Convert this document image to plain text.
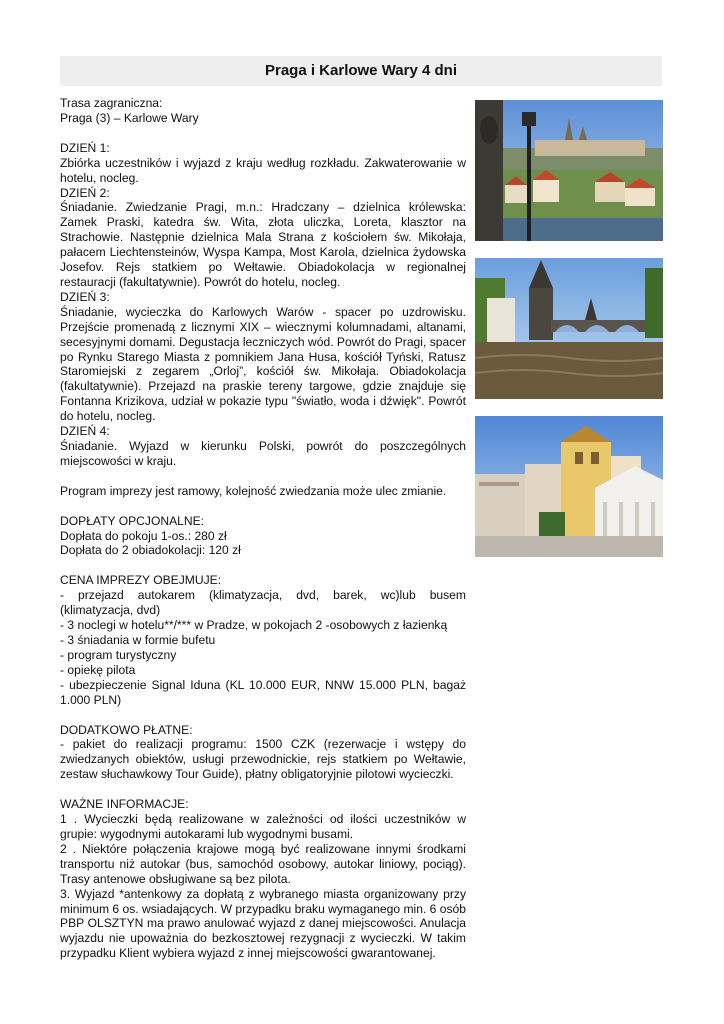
Praga i Karlowe Wary 4 dni

Trasa zagraniczna:

Praga (3) – Karlowe Wary

DZIEŃ 1:

Zbiórka uczestników i wyjazd z kraju według rozkładu. Zakwaterowanie w hotelu, nocleg.

DZIEŃ 2:

Śniadanie. Zwiedzanie Pragi, m.n.: Hradczany – dzielnica królewska: Zamek Praski, katedra św. Wita, złota uliczka, Loreta, klasztor na Strachowie. Następnie dzielnica Mala Strana z kościołem św. Mikołaja, pałacem Liechtensteinów, Wyspa Kampa, Most Karola, dzielnica żydowska Josefov. Rejs statkiem po Wełtawie. Obiadokolacja w regionalnej restauracji (fakultatywnie). Powrót do hotelu, nocleg.

DZIEŃ 3:

Śniadanie, wycieczka do Karlowych Warów - spacer po uzdrowisku. Przejście promenadą z licznymi XIX – wiecznymi kolumnadami, altanami, secesyjnymi domami. Degustacja leczniczych wód. Powrót do Pragi, spacer po Rynku Starego Miasta z pomnikiem Jana Husa, kościół Tyński, Ratusz Staromiejski z zegarem „Orloj”, kościół św. Mikołaja. Obiadokolacja (fakultatywnie). Przejazd na praskie tereny targowe, gdzie znajduje się Fontanna Krizikova, udział w pokazie typu "światło, woda i dźwięk". Powrót do hotelu, nocleg.

DZIEŃ 4:

Śniadanie. Wyjazd w kierunku Polski, powrót do poszczególnych miejscowości w kraju.

Program imprezy jest ramowy, kolejność zwiedzania może ulec zmianie.

DOPŁATY OPCJONALNE:

Dopłata do pokoju 1-os.: 280 zł

Dopłata do 2 obiadokolacji: 120 zł

CENA IMPREZY OBEJMUJE:

- przejazd autokarem (klimatyzacja, dvd, barek, wc)lub busem (klimatyzacja, dvd)

- 3 noclegi w hotelu**/*** w Pradze, w pokojach 2 -osobowych z łazienką

- 3 śniadania w formie bufetu

- program turystyczny

- opiekę pilota

- ubezpieczenie Signal Iduna (KL 10.000 EUR, NNW 15.000 PLN, bagaż 1.000 PLN)

DODATKOWO PŁATNE:

- pakiet do realizacji programu: 1500 CZK (rezerwacje i wstępy do zwiedzanych obiektów, usługi przewodnickie, rejs statkiem po Wełtawie, zestaw słuchawkowy Tour Guide), płatny obligatoryjnie pilotowi wycieczki.

WAŻNE INFORMACJE:

1 . Wycieczki będą realizowane w zależności od ilości uczestników w grupie: wygodnymi autokarami lub wygodnymi busami.

2 . Niektóre połączenia krajowe mogą być realizowane innymi środkami transportu niż autokar (bus, samochód osobowy, autokar liniowy, pociąg). Trasy antenowe obsługiwane są bez pilota.

3. Wyjazd *antenkowy za dopłatą z wybranego miasta organizowany przy minimum 6 os. wsiadających. W przypadku braku wymaganego min. 6 osób PBP OLSZTYN ma prawo anulować wyjazd z danej miejscowości. Anulacja wyjazdu nie upoważnia do bezkosztowej rezygnacji z wycieczki. W takim przypadku Klient wybiera wyjazd z innej miejscowości gwarantowanej.
